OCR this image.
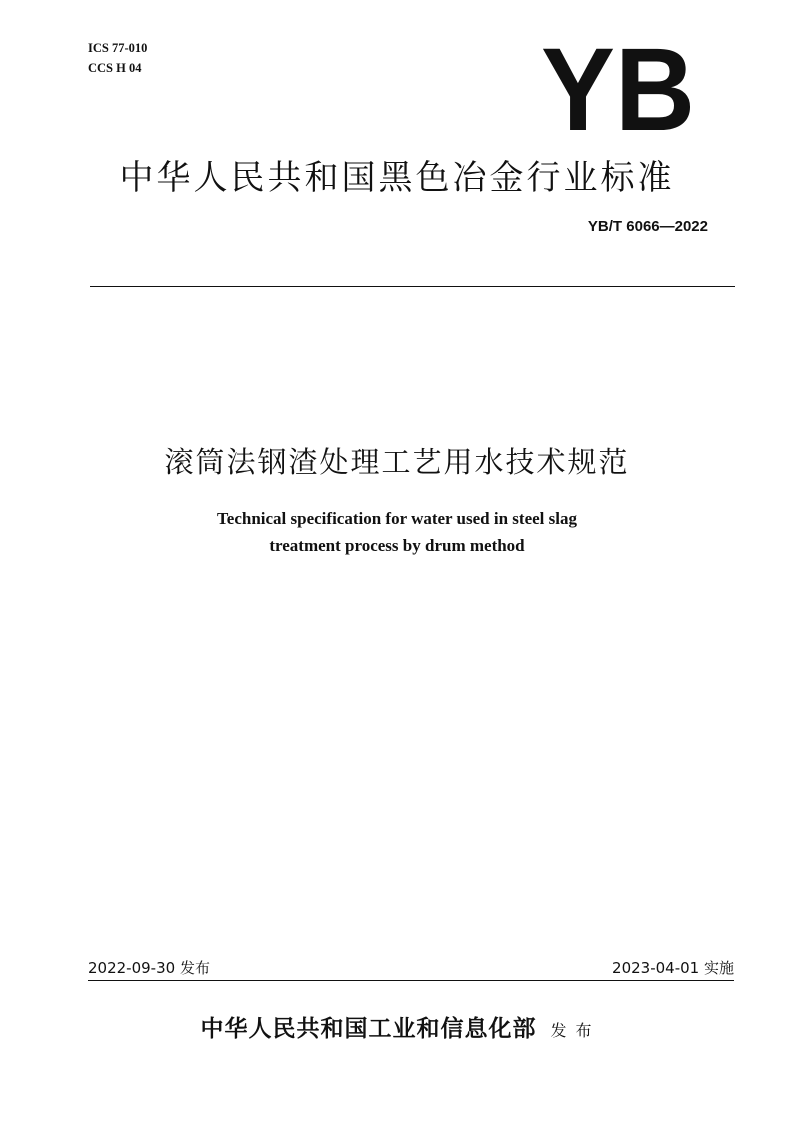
ICS 77-010
CCS H 04	YB
中华人民共和国黑色冶金行业标准
YB/T 6066—2022
滚筒法钢渣处理工艺用水技术规范
Technical specification for water used in steel slag
treatment process by drum method
2022-09-30 发布	2023-04-01 实施
中华人民共和国工业和信息化部 发 布
